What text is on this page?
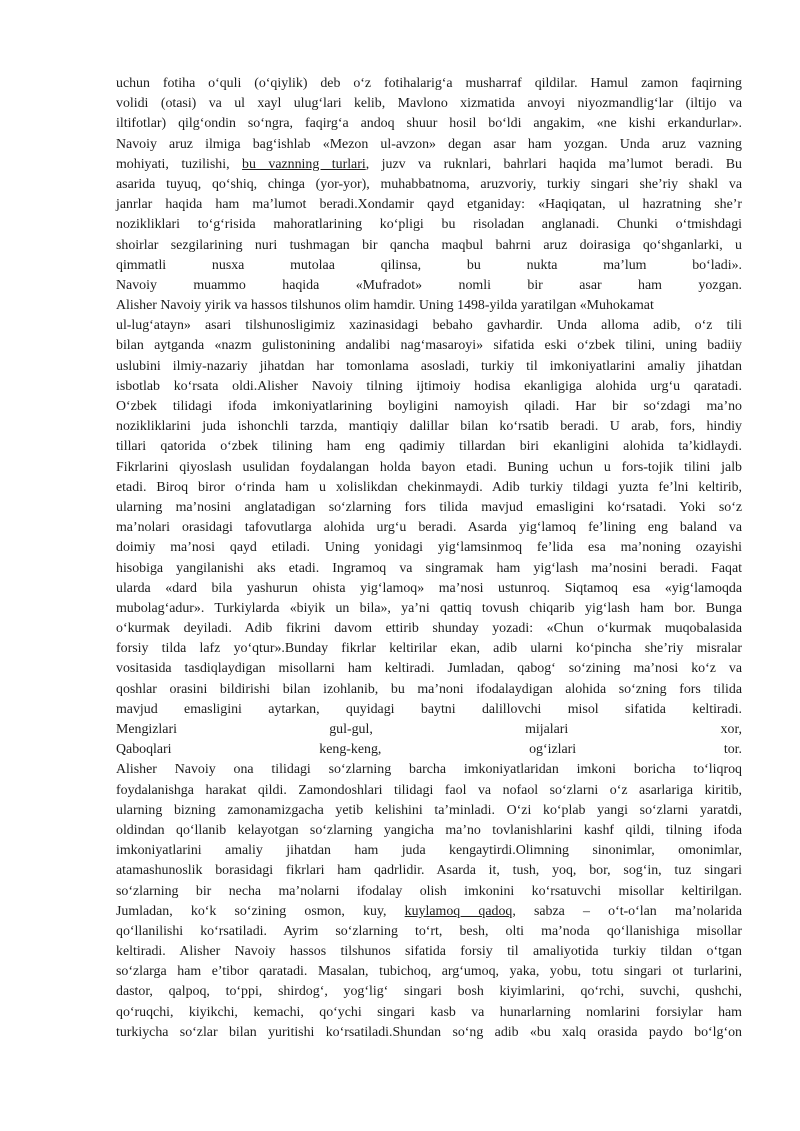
uchun fotiha o‘quli (o‘qiylik) deb o‘z fotihalarig‘a musharraf qildilar. Hamul zamon faqirning
volidi (otasi) va ul xayl ulug‘lari kelib, Mavlono xizmatida anvoyi niyozmandlig‘lar (iltijo va
iltifotlar) qilg‘ondin so‘ngra, faqirg‘a andoq shuur hosil bo‘ldi angakim, «ne kishi erkandurlar».
Navoiy aruz ilmiga bag‘ishlab «Mezon ul-avzon» degan asar ham yozgan. Unda aruz vazning
mohiyati, tuzilishi, bu vaznning turlari, juzv va ruknlari, bahrlari haqida ma’lumot beradi. Bu
asarida tuyuq, qo‘shiq, chinga (yor-yor), muhabbatnoma, aruzvoriy, turkiy singari she’riy shakl va
janrlar haqida ham ma’lumot beradi.Xondamir qayd etganiday: «Haqiqatan, ul hazratning she’r
nozikliklari to‘g‘risida mahoratlarining ko‘pligi bu risoladan anglanadi. Chunki o‘tmishdagi
shoirlar sezgilarining nuri tushmagan bir qancha maqbul bahrni aruz doirasiga qo‘shganlarki, u
qimmatli nusxa mutolaa qilinsa, bu nukta ma’lum bo‘ladi».
Navoiy muammo haqida «Mufradot» nomli bir asar ham yozgan.
Alisher Navoiy yirik va hassos tilshunos olim hamdir. Uning 1498-yilda yaratilgan «Muhokamat
ul-lug‘atayn» asari tilshunosligimiz xazinasidagi bebaho gavhardir. Unda alloma adib, o‘z tili
bilan aytganda «nazm gulistonining andalibi nag‘masaroyi» sifatida eski o‘zbek tilini, uning badiiy
uslubini ilmiy-nazariy jihatdan har tomonlama asosladi, turkiy til imkoniyatlarini amaliy jihatdan
isbotlab ko‘rsata oldi.Alisher Navoiy tilning ijtimoiy hodisa ekanligiga alohida urg‘u qaratadi.
O‘zbek tilidagi ifoda imkoniyatlarining boyligini namoyish qiladi. Har bir so‘zdagi ma’no
nozikliklarini juda ishonchli tarzda, mantiqiy dalillar bilan ko‘rsatib beradi. U arab, fors, hindiy
tillari qatorida o‘zbek tilining ham eng qadimiy tillardan biri ekanligini alohida ta’kidlaydi.
Fikrlarini qiyoslash usulidan foydalangan holda bayon etadi. Buning uchun u fors-tojik tilini jalb
etadi. Biroq biror o‘rinda ham u xolislikdan chekinmaydi. Adib turkiy tildagi yuzta fe’lni keltirib,
ularning ma’nosini anglatadigan so‘zlarning fors tilida mavjud emasligini ko‘rsatadi. Yoki so‘z
ma’nolari orasidagi tafovutlarga alohida urg‘u beradi. Asarda yig‘lamoq fe’lining eng baland va
doimiy ma’nosi qayd etiladi. Uning yonidagi yig‘lamsinmoq fe’lida esa ma’noning ozayishi
hisobiga yangilanishi aks etadi. Ingramoq va singramak ham yig‘lash ma’nosini beradi. Faqat
ularda «dard bila yashurun ohista yig‘lamoq» ma’nosi ustunroq. Siqtamoq esa «yig‘lamoqda
mubolag‘adur». Turkiylarda «biyik un bila», ya’ni qattiq tovush chiqarib yig‘lash ham bor. Bunga
o‘kurmak deyiladi. Adib fikrini davom ettirib shunday yozadi: «Chun o‘kurmak muqobalasida
forsiy tilda lafz yo‘qtur».Bunday fikrlar keltirilar ekan, adib ularni ko‘pincha she’riy misralar
vositasida tasdiqlaydigan misollarni ham keltiradi. Jumladan, qabog‘ so‘zining ma’nosi ko‘z va
qoshlar orasini bildirishi bilan izohlanib, bu ma’noni ifodalaydigan alohida so‘zning fors tilida
mavjud emasligini aytarkan, quyidagi baytni dalillovchi misol sifatida keltiradi.
Mengizlari gul-gul, mijalari xor,
Qaboqlari keng-keng, og‘izlari tor.
Alisher Navoiy ona tilidagi so‘zlarning barcha imkoniyatlaridan imkoni boricha to‘liqroq
foydalanishga harakat qildi. Zamondoshlari tilidagi faol va nofaol so‘zlarni o‘z asarlariga kiritib,
ularning bizning zamonamizgacha yetib kelishini ta’minladi. O‘zi ko‘plab yangi so‘zlarni yaratdi,
oldindan qo‘llanib kelayotgan so‘zlarning yangicha ma’no tovlanishlarini kashf qildi, tilning ifoda
imkoniyatlarini amaliy jihatdan ham juda kengaytirdi.Olimning sinonimlar, omonimlar,
atamashunoslik borasidagi fikrlari ham qadrlidir. Asarda it, tush, yoq, bor, sog‘in, tuz singari
so‘zlarning bir necha ma’nolarni ifodalay olish imkonini ko‘rsatuvchi misollar keltirilgan.
Jumladan, ko‘k so‘zining osmon, kuy, kuylamoq qadoq, sabza – o‘t-o‘lan ma’nolarida
qo‘llanilishi ko‘rsatiladi. Ayrim so‘zlarning to‘rt, besh, olti ma’noda qo‘llanishiga misollar
keltiradi. Alisher Navoiy hassos tilshunos sifatida forsiy til amaliyotida turkiy tildan o‘tgan
so‘zlarga ham e’tibor qaratadi. Masalan, tubichoq, arg‘umoq, yaka, yobu, totu singari ot turlarini,
dastor, qalpoq, to‘ppi, shirdog‘, yog‘lig‘ singari bosh kiyimlarini, qo‘rchi, suvchi, qushchi,
qo‘ruqchi, kiyikchi, kemachi, qo‘ychi singari kasb va hunarlarning nomlarini forsiylar ham
turkiycha so‘zlar bilan yuritishi ko‘rsatiladi.Shundan so‘ng adib «bu xalq orasida paydo bo‘lg‘on
